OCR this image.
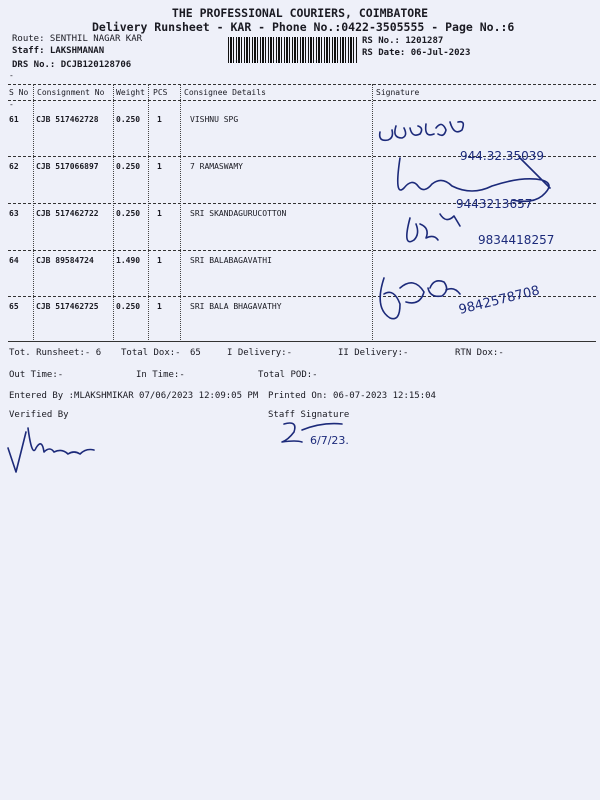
THE PROFESSIONAL COURIERS, COIMBATORE
Delivery Runsheet - KAR - Phone No.:0422-3505555 - Page No.:6
Route: SENTHIL NAGAR KAR
Staff: LAKSHMANAN
DRS No.: DCJB120128706
RS No.: 1201287
RS Date: 06-Jul-2023
-
-
S No Consignment No Weight PCS Consignee Details	Signature
61 CJB 517462728 0.250 1	VISHNU SPG
62 CJB 517066897 0.250 1	7 RAMASWAMY
63 CJB 517462722 0.250 1	SRI SKANDAGURUCOTTON
64 CJB 89584724	1.490 1	SRI BALABAGAVATHI
65 CJB 517462725 0.250 1	SRI BALA BHAGAVATHY
944.32.35039
9443213657
9834418257
9842578708
Tot. Runsheet:- 6 Total Dox:- 65	I Delivery:-	II Delivery:-	RTN Dox:-
Out Time:-	In Time:-	Total POD:-
Entered By :MLAKSHMIKAR 07/06/2023 12:09:05 PM Printed On: 06-07-2023 12:15:04
Verified By	Staff Signature
6/7/23.
